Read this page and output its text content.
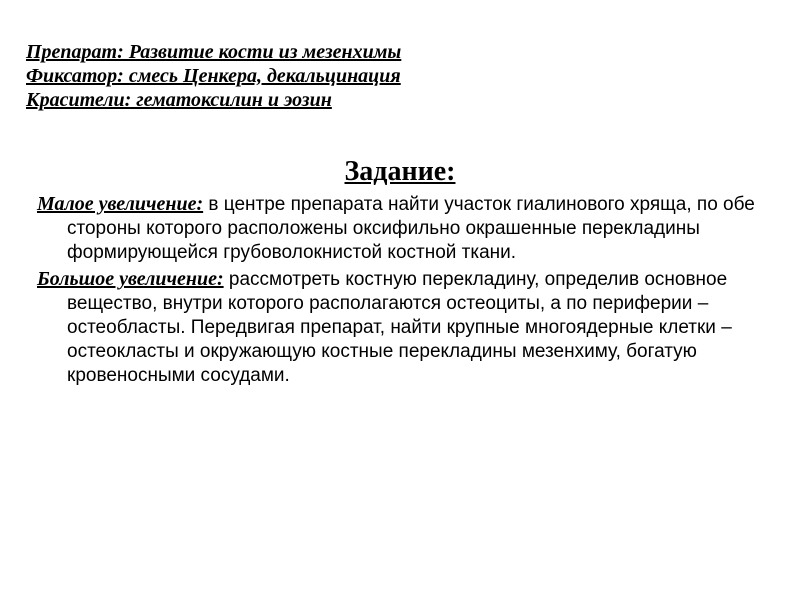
Препарат: Развитие кости из мезенхимы
Фиксатор: смесь Ценкера, декальцинация
Красители: гематоксилин и эозин
Задание:

Малое увеличение: в центре препарата найти участок гиалинового хряща, по обе стороны которого расположены оксифильно окрашенные перекладины формирующейся грубоволокнистой костной ткани.

Большое увеличение: рассмотреть костную перекладину, определив основное вещество, внутри которого располагаются остеоциты, а по периферии – остеобласты. Передвигая препарат, найти крупные многоядерные клетки – остеокласты и окружающую костные перекладины мезенхиму, богатую кровеносными сосудами.
